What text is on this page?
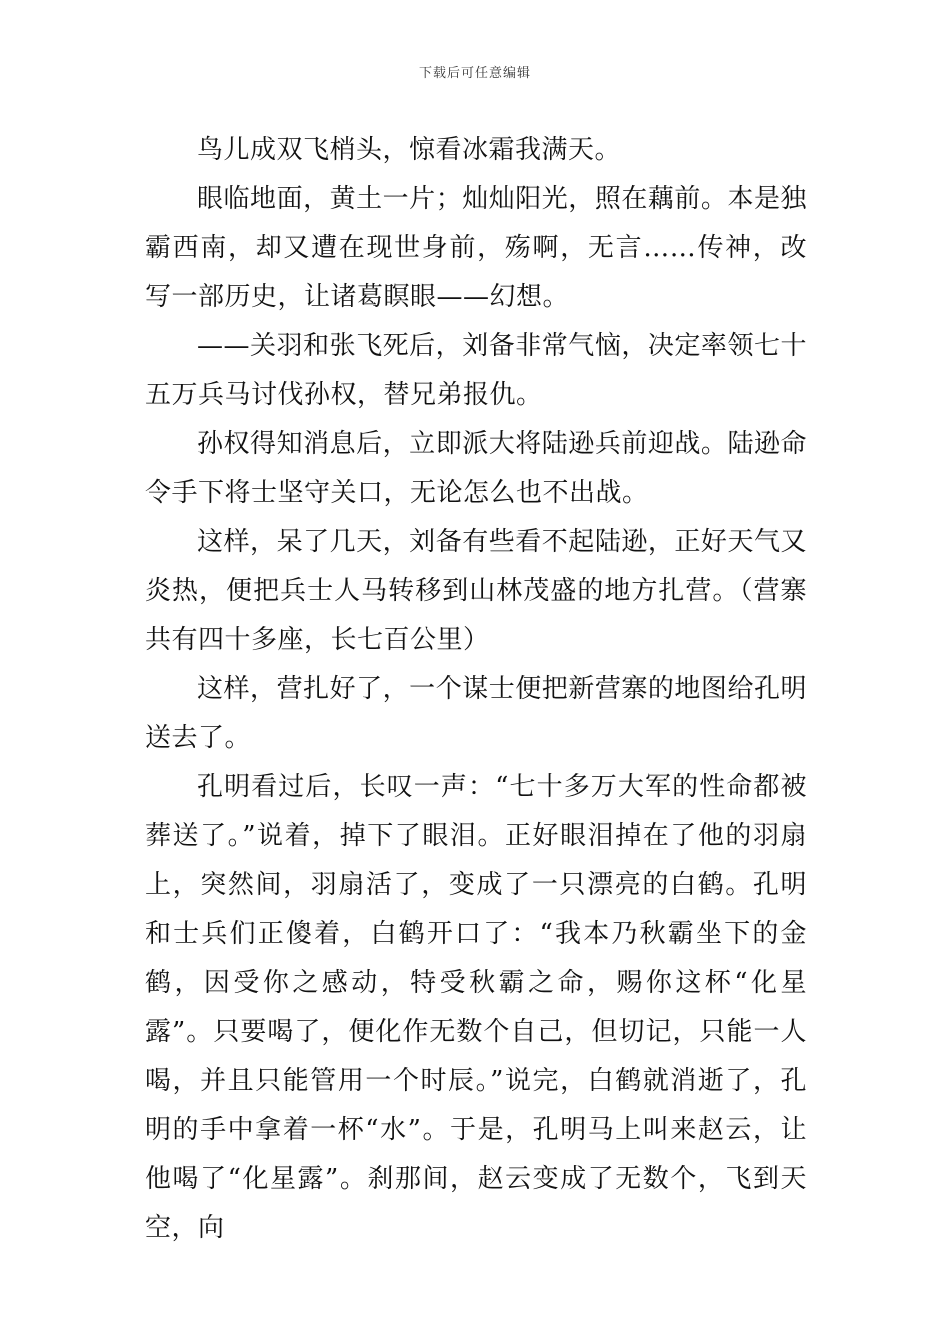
下载后可任意编辑

鸟儿成双飞梢头，惊看冰霜我满天。

眼临地面，黄土一片；灿灿阳光，照在藕前。本是独霸西南，却又遭在现世身前，殇啊，无言……传神，改写一部历史，让诸葛瞑眼——幻想。

——关羽和张飞死后，刘备非常气恼，决定率领七十五万兵马讨伐孙权，替兄弟报仇。

孙权得知消息后，立即派大将陆逊兵前迎战。陆逊命令手下将士坚守关口，无论怎么也不出战。

这样，呆了几天，刘备有些看不起陆逊，正好天气又炎热，便把兵士人马转移到山林茂盛的地方扎营。（营寨共有四十多座，长七百公里）

这样，营扎好了，一个谋士便把新营寨的地图给孔明送去了。

孔明看过后，长叹一声：“七十多万大军的性命都被葬送了。”说着，掉下了眼泪。正好眼泪掉在了他的羽扇上，突然间，羽扇活了，变成了一只漂亮的白鹤。孔明和士兵们正傻着，白鹤开口了：“我本乃秋霸坐下的金鹤，因受你之感动，特受秋霸之命，赐你这杯“化星露”。只要喝了，便化作无数个自己，但切记，只能一人喝，并且只能管用一个时辰。”说完，白鹤就消逝了，孔明的手中拿着一杯“水”。于是，孔明马上叫来赵云，让他喝了“化星露”。刹那间，赵云变成了无数个，飞到天空，向
